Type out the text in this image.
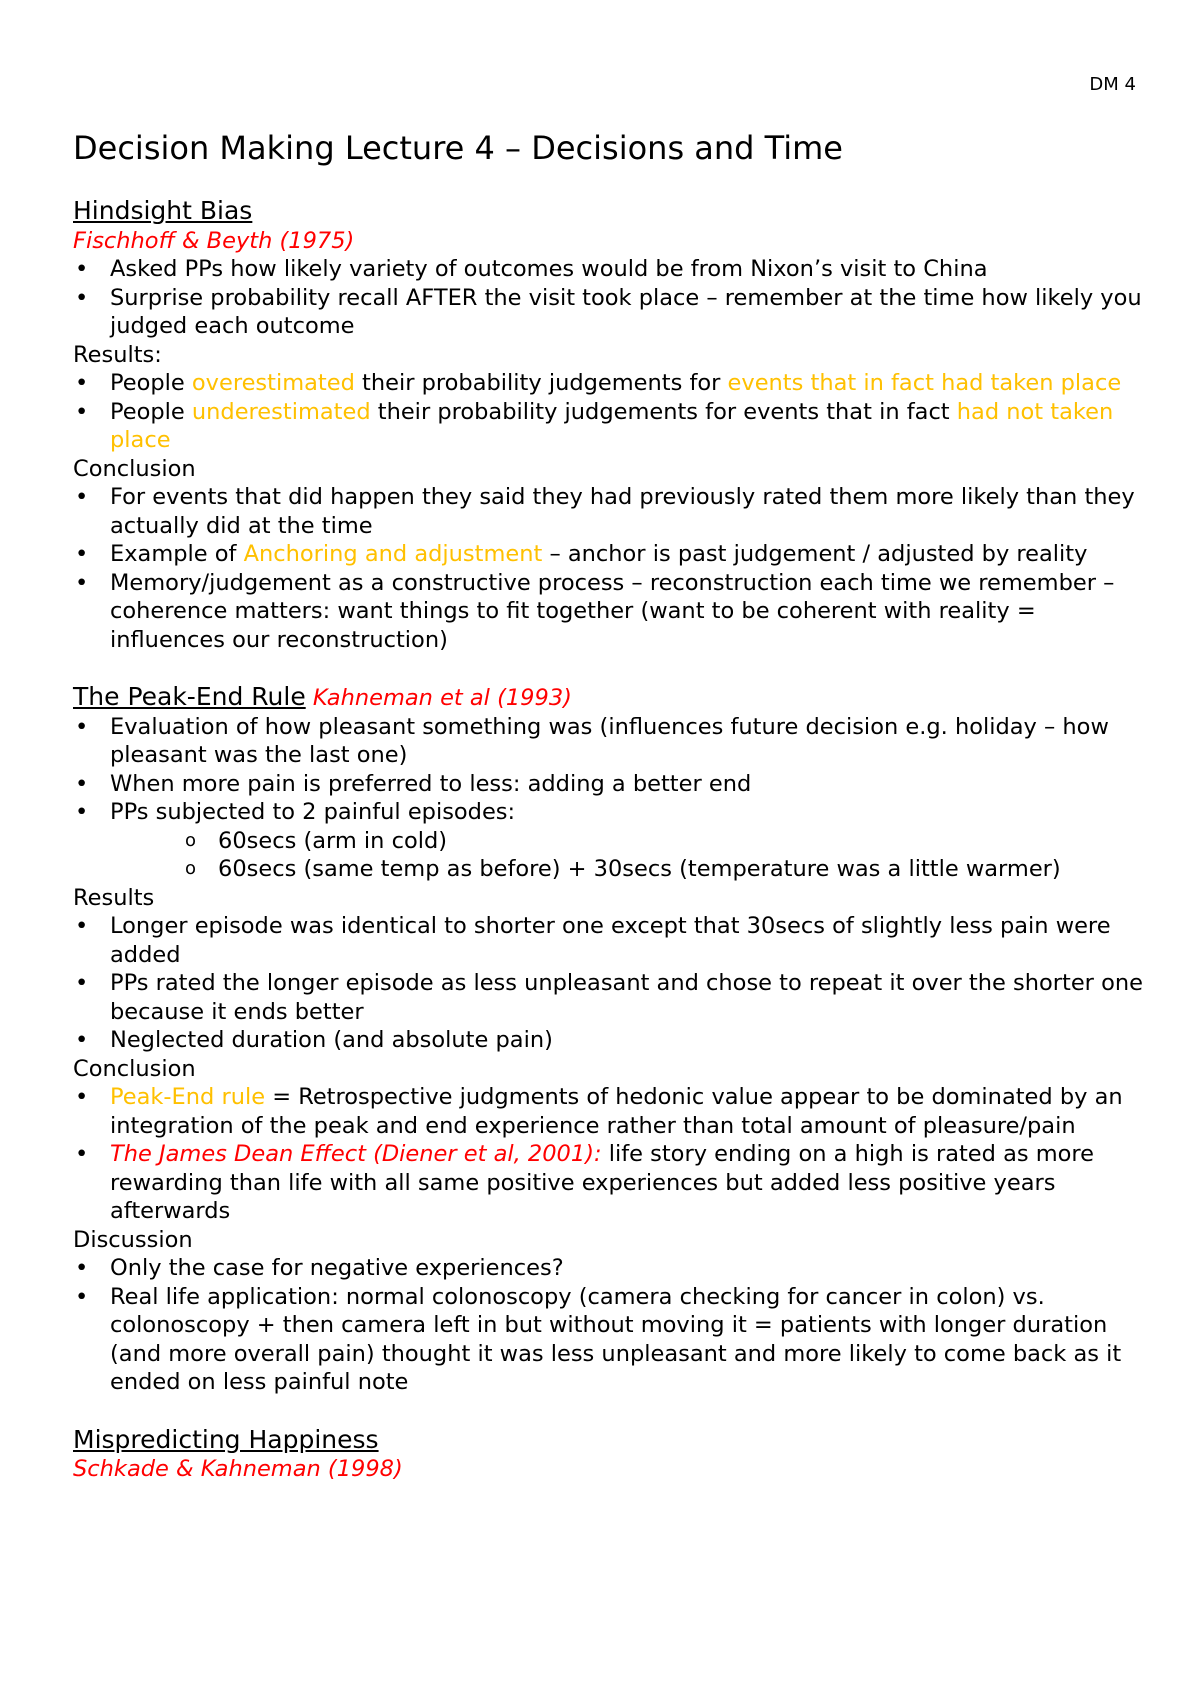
DM 4
Decision Making Lecture 4 – Decisions and Time
Hindsight Bias
Fischhoff & Beyth (1975)
• Asked PPs how likely variety of outcomes would be from Nixon’s visit to China
• Surprise probability recall AFTER the visit took place – remember at the time how likely you judged each outcome
Results:
• People overestimated their probability judgements for events that in fact had taken place
• People underestimated their probability judgements for events that in fact had not taken place
Conclusion
• For events that did happen they said they had previously rated them more likely than they actually did at the time
• Example of Anchoring and adjustment – anchor is past judgement / adjusted by reality
• Memory/judgement as a constructive process – reconstruction each time we remember – coherence matters: want things to fit together (want to be coherent with reality = influences our reconstruction)
The Peak-End Rule Kahneman et al (1993)
• Evaluation of how pleasant something was (influences future decision e.g. holiday – how pleasant was the last one)
• When more pain is preferred to less: adding a better end
• PPs subjected to 2 painful episodes:
o 60secs (arm in cold)
o 60secs (same temp as before) + 30secs (temperature was a little warmer)
Results
• Longer episode was identical to shorter one except that 30secs of slightly less pain were added
• PPs rated the longer episode as less unpleasant and chose to repeat it over the shorter one because it ends better
• Neglected duration (and absolute pain)
Conclusion
• Peak-End rule = Retrospective judgments of hedonic value appear to be dominated by an integration of the peak and end experience rather than total amount of pleasure/pain
• The James Dean Effect (Diener et al, 2001): life story ending on a high is rated as more rewarding than life with all same positive experiences but added less positive years afterwards
Discussion
• Only the case for negative experiences?
• Real life application: normal colonoscopy (camera checking for cancer in colon) vs. colonoscopy + then camera left in but without moving it = patients with longer duration (and more overall pain) thought it was less unpleasant and more likely to come back as it ended on less painful note
Mispredicting Happiness
Schkade & Kahneman (1998)
